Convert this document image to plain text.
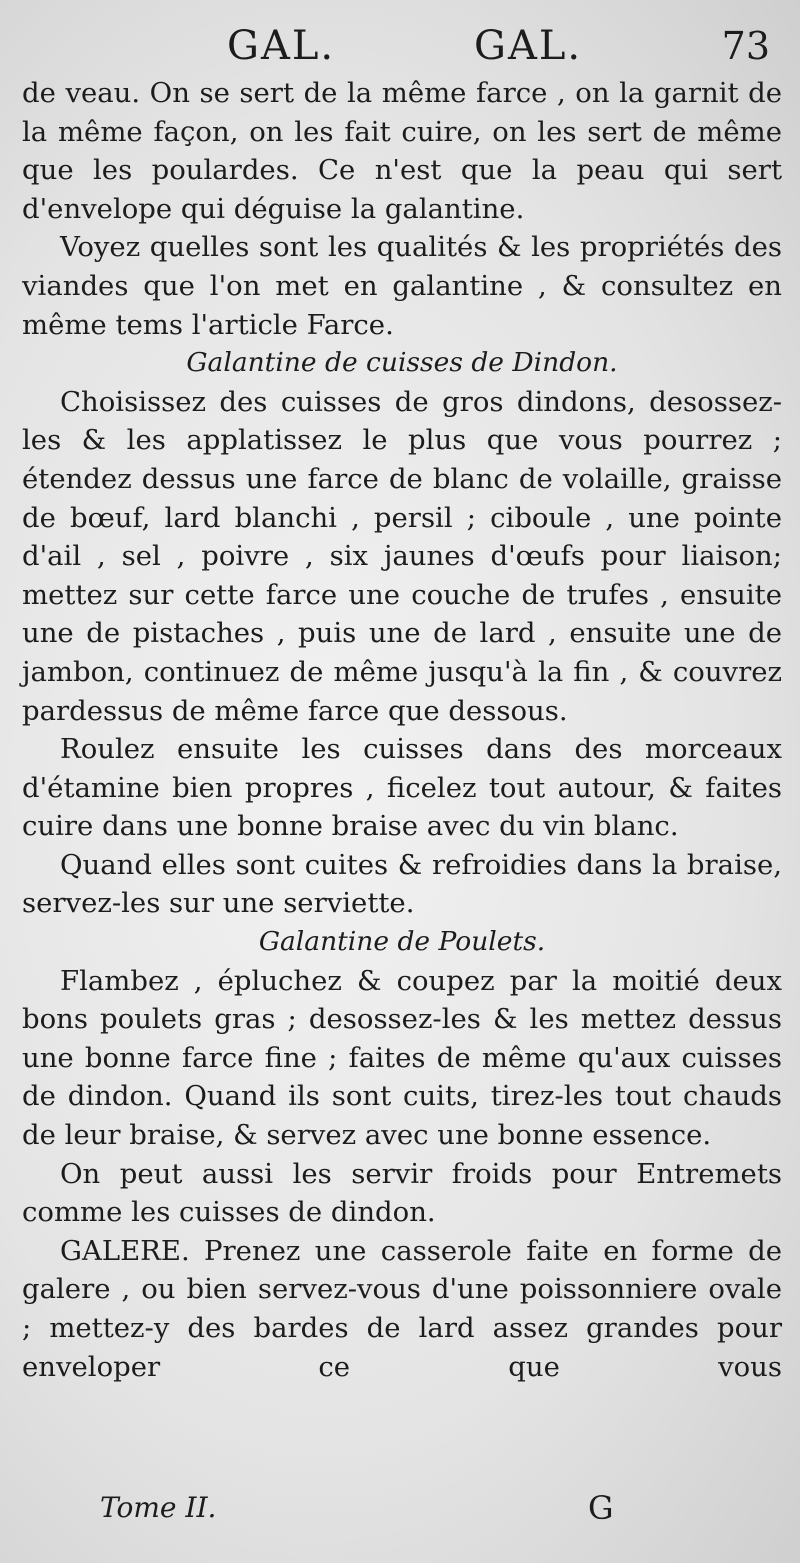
GAL.	GAL.	73

de veau. On se sert de la même farce , on la garnit de la même façon, on les fait cuire, on les sert de même que les poulardes. Ce n'est que la peau qui sert d'envelope qui déguise la galantine.

Voyez quelles sont les qualités & les propriétés des viandes que l'on met en galantine , & consultez en même tems l'article Farce.

Galantine de cuisses de Dindon.

Choisissez des cuisses de gros dindons, desossez-les & les applatissez le plus que vous pourrez ; étendez dessus une farce de blanc de volaille, graisse de bœuf, lard blanchi , persil ; ciboule , une pointe d'ail , sel , poivre , six jaunes d'œufs pour liaison; mettez sur cette farce une couche de trufes , ensuite une de pistaches , puis une de lard , ensuite une de jambon, continuez de même jusqu'à la fin , & couvrez pardessus de même farce que dessous.

Roulez ensuite les cuisses dans des morceaux d'étamine bien propres , ficelez tout autour, & faites cuire dans une bonne braise avec du vin blanc.

Quand elles sont cuites & refroidies dans la braise, servez-les sur une serviette.

Galantine de Poulets.

Flambez , épluchez & coupez par la moitié deux bons poulets gras ; desossez-les & les mettez dessus une bonne farce fine ; faites de même qu'aux cuisses de dindon. Quand ils sont cuits, tirez-les tout chauds de leur braise, & servez avec une bonne essence.

On peut aussi les servir froids pour Entremets comme les cuisses de dindon.

GALERE. Prenez une casserole faite en forme de galere , ou bien servez-vous d'une poissonniere ovale ; mettez-y des bardes de lard assez grandes pour enveloper ce que vous

Tome II.	G
